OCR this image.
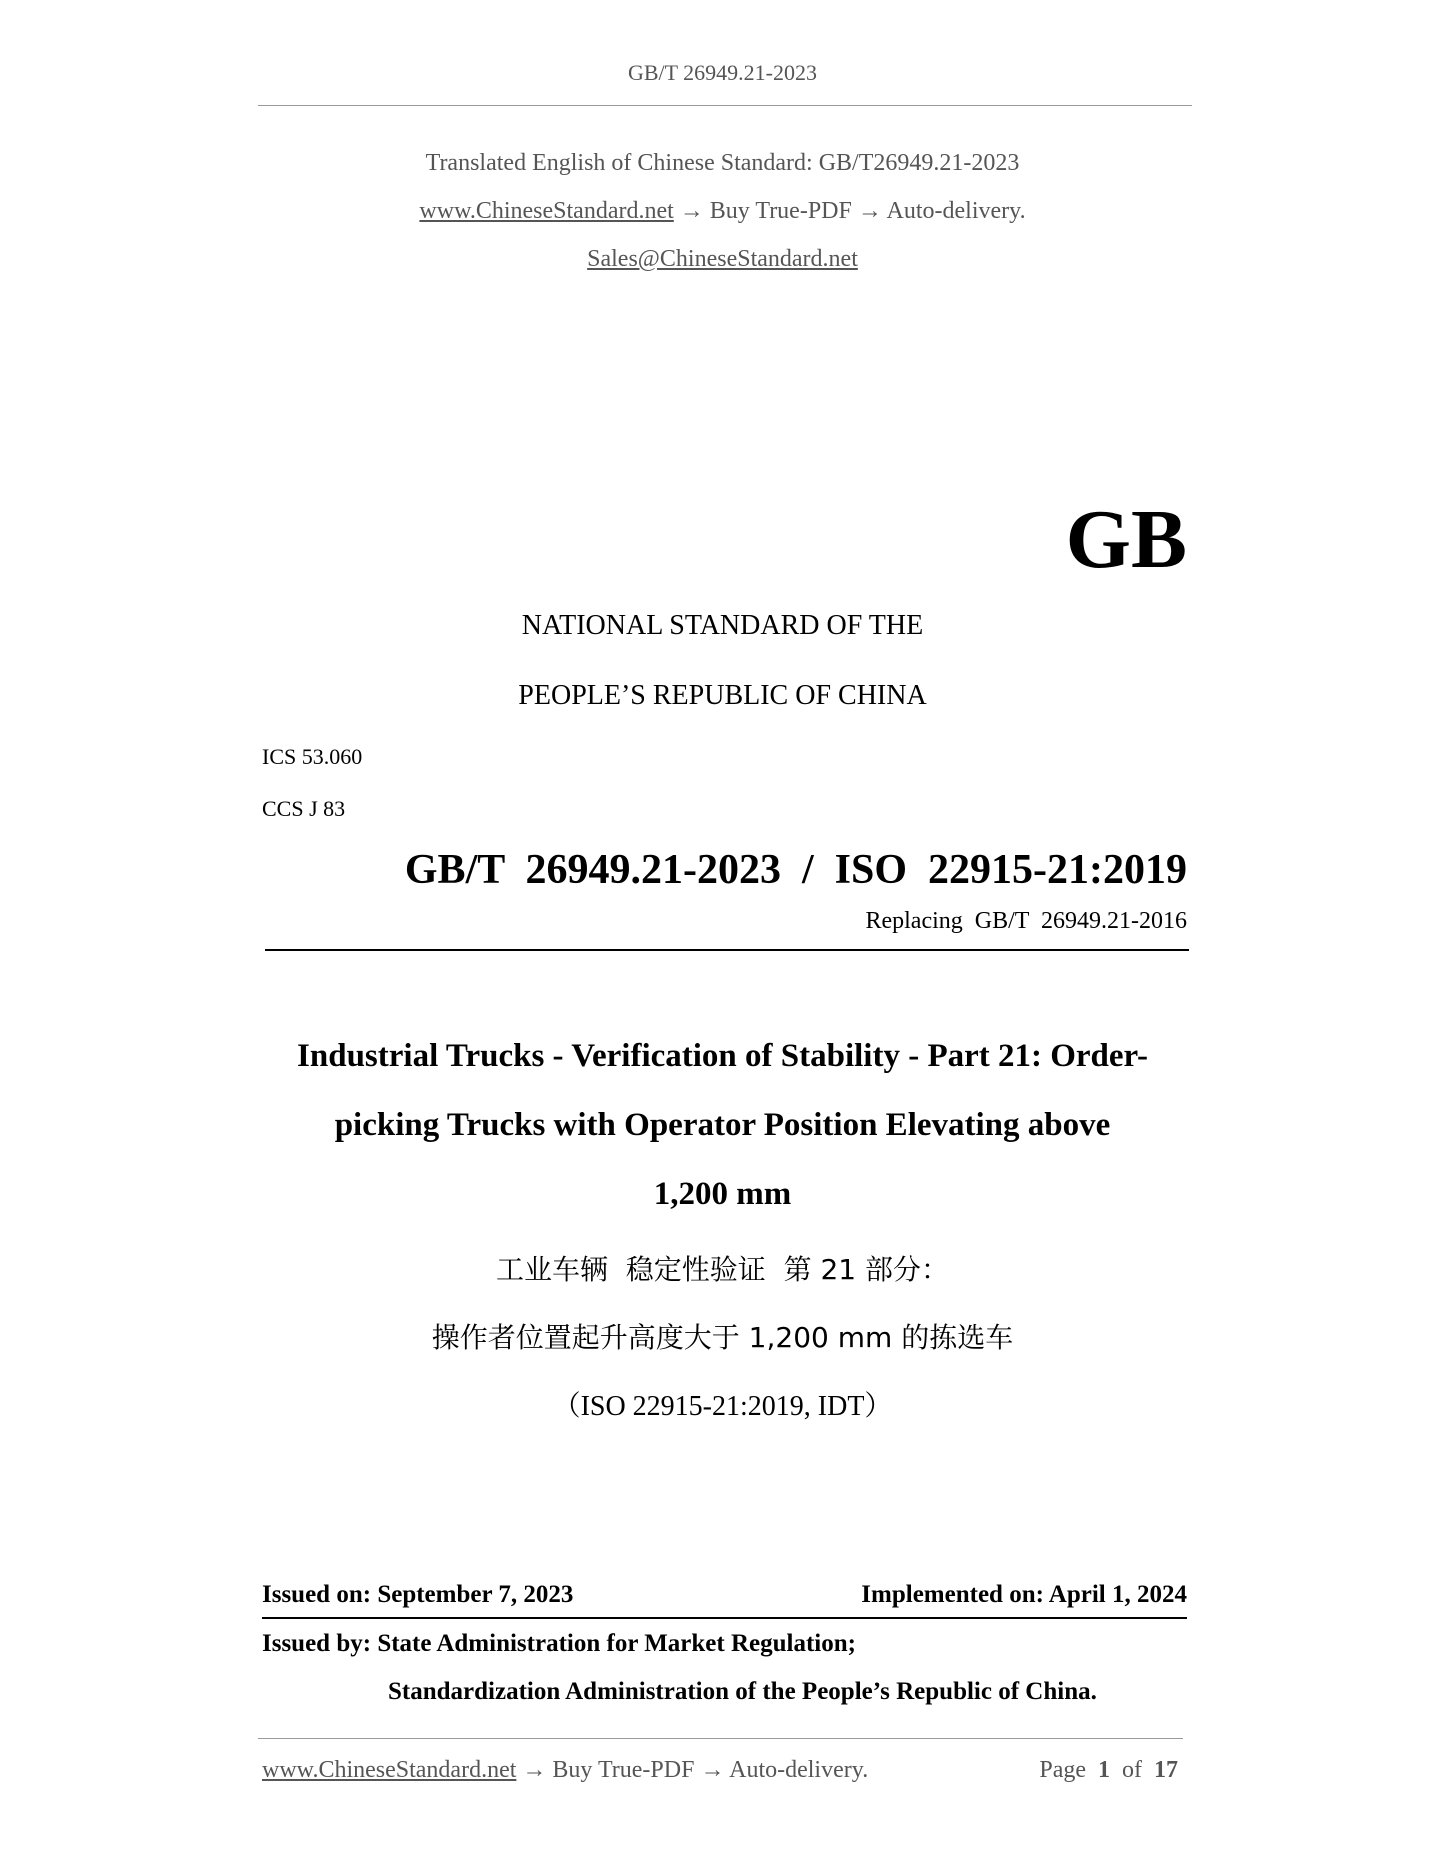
GB/T 26949.21-2023
Translated English of Chinese Standard: GB/T26949.21-2023
www.ChineseStandard.net → Buy True-PDF → Auto-delivery.
Sales@ChineseStandard.net
GB
NATIONAL STANDARD OF THE
PEOPLE’S REPUBLIC OF CHINA
ICS 53.060
CCS J 83
GB/T  26949.21-2023  /  ISO  22915-21:2019
Replacing  GB/T  26949.21-2016
Industrial Trucks - Verification of Stability - Part 21: Order-
picking Trucks with Operator Position Elevating above
1,200 mm
工业车辆  稳定性验证  第 21 部分：
操作者位置起升高度大于 1,200 mm 的拣选车
（ISO 22915-21:2019, IDT）
Issued on: September 7, 2023	Implemented on: April 1, 2024
Issued by: State Administration for Market Regulation;
Standardization Administration of the People’s Republic of China.
www.ChineseStandard.net → Buy True-PDF → Auto-delivery.	Page 1 of 17
